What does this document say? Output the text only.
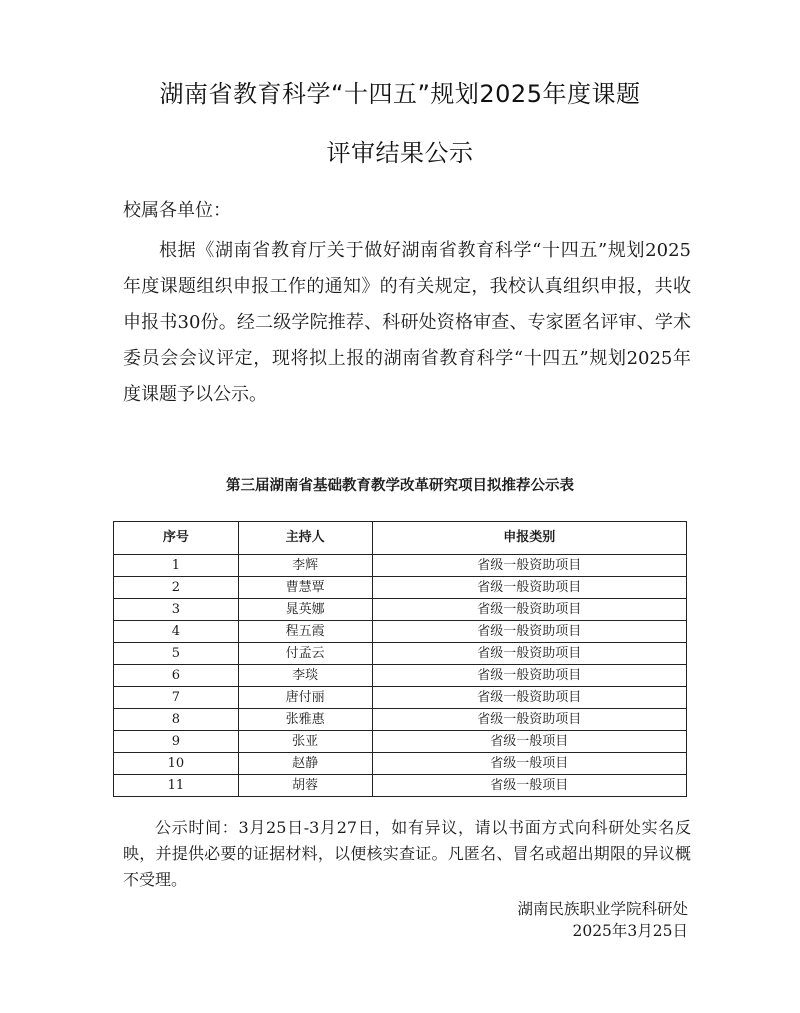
湖南省教育科学“十四五”规划2025年度课题
评审结果公示
校属各单位：
根据《湖南省教育厅关于做好湖南省教育科学“十四五”规划2025年度课题组织申报工作的通知》的有关规定，我校认真组织申报，共收申报书30份。经二级学院推荐、科研处资格审查、专家匿名评审、学术委员会会议评定，现将拟上报的湖南省教育科学“十四五”规划2025年度课题予以公示。
第三届湖南省基础教育教学改革研究项目拟推荐公示表
序号	主持人	申报类别
1	李辉	省级一般资助项目
2	曹慧覃	省级一般资助项目
3	晁英娜	省级一般资助项目
4	程五霞	省级一般资助项目
5	付孟云	省级一般资助项目
6	李琰	省级一般资助项目
7	唐付丽	省级一般资助项目
8	张雅惠	省级一般资助项目
9	张亚	省级一般项目
10	赵静	省级一般项目
11	胡蓉	省级一般项目
公示时间：3月25日-3月27日，如有异议，请以书面方式向科研处实名反映，并提供必要的证据材料，以便核实查证。凡匿名、冒名或超出期限的异议概不受理。
湖南民族职业学院科研处
2025年3月25日
